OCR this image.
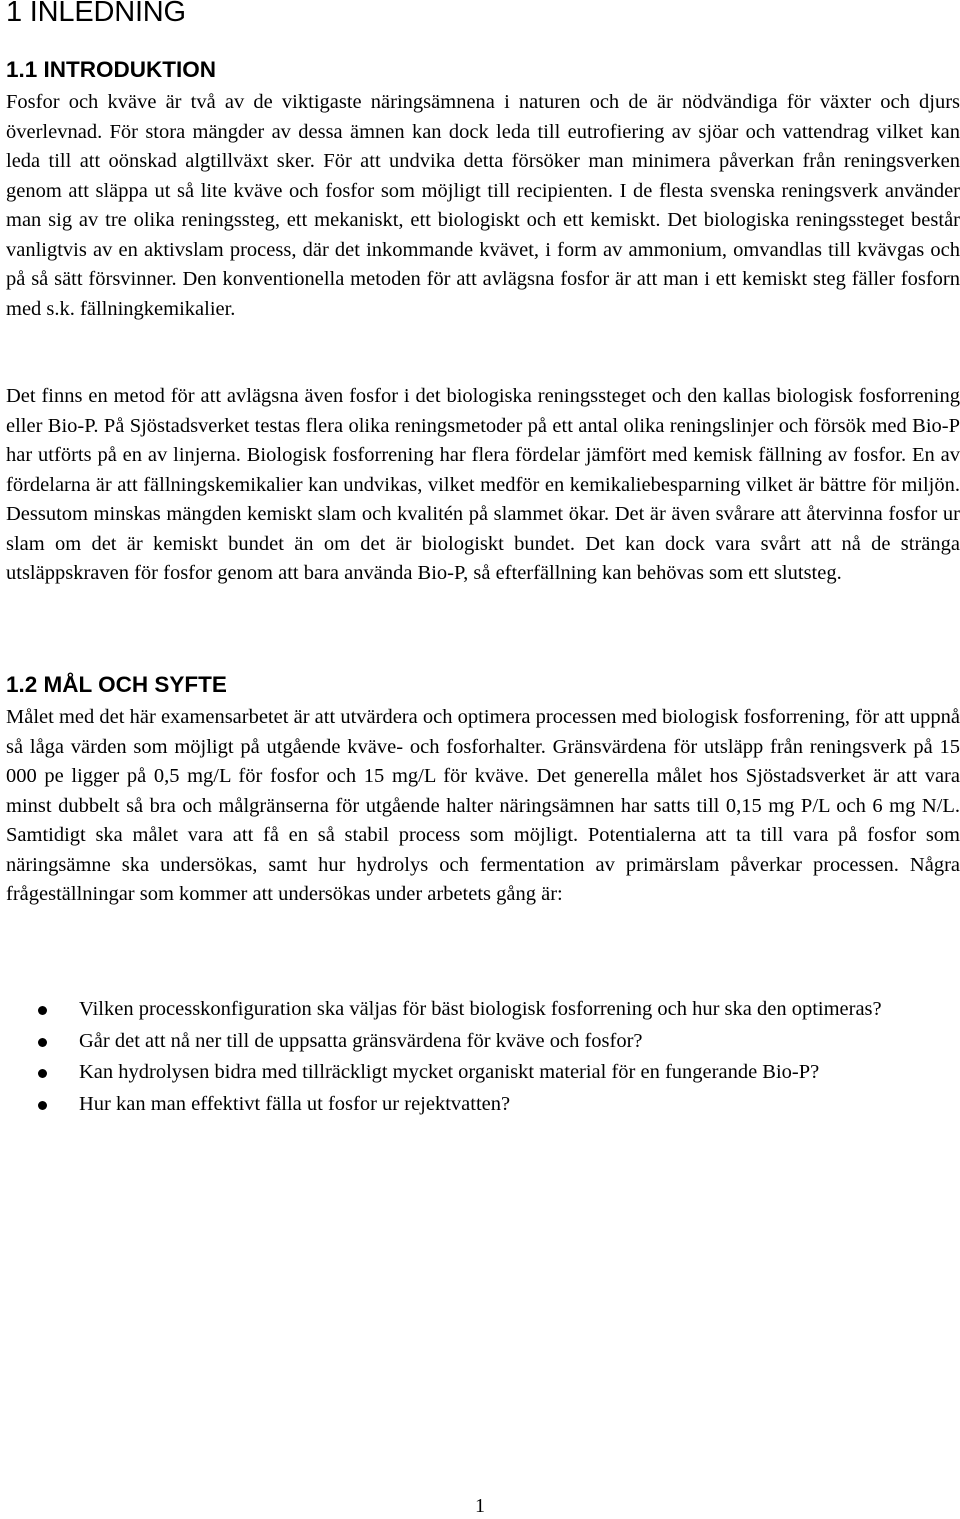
1 INLEDNING
1.1 INTRODUKTION

Fosfor och kväve är två av de viktigaste näringsämnena i naturen och de är nödvändiga för växter och djurs överlevnad. För stora mängder av dessa ämnen kan dock leda till eutrofiering av sjöar och vattendrag vilket kan leda till att oönskad algtillväxt sker. För att undvika detta försöker man minimera påverkan från reningsverken genom att släppa ut så lite kväve och fosfor som möjligt till recipienten. I de flesta svenska reningsverk använder man sig av tre olika reningssteg, ett mekaniskt, ett biologiskt och ett kemiskt. Det biologiska reningssteget består vanligtvis av en aktivslam process, där det inkommande kvävet, i form av ammonium, omvandlas till kvävgas och på så sätt försvinner. Den konventionella metoden för att avlägsna fosfor är att man i ett kemiskt steg fäller fosforn med s.k. fällningkemikalier.

Det finns en metod för att avlägsna även fosfor i det biologiska reningssteget och den kallas biologisk fosforrening eller Bio-P. På Sjöstadsverket testas flera olika reningsmetoder på ett antal olika reningslinjer och försök med Bio-P har utförts på en av linjerna. Biologisk fosforrening har flera fördelar jämfört med kemisk fällning av fosfor. En av fördelarna är att fällningskemikalier kan undvikas, vilket medför en kemikaliebesparning vilket är bättre för miljön. Dessutom minskas mängden kemiskt slam och kvalitén på slammet ökar. Det är även svårare att återvinna fosfor ur slam om det är kemiskt bundet än om det är biologiskt bundet. Det kan dock vara svårt att nå de stränga utsläppskraven för fosfor genom att bara använda Bio-P, så efterfällning kan behövas som ett slutsteg.

1.2 MÅL OCH SYFTE

Målet med det här examensarbetet är att utvärdera och optimera processen med biologisk fosforrening, för att uppnå så låga värden som möjligt på utgående kväve- och fosforhalter. Gränsvärdena för utsläpp från reningsverk på 15 000 pe ligger på 0,5 mg/L för fosfor och 15 mg/L för kväve. Det generella målet hos Sjöstadsverket är att vara minst dubbelt så bra och målgränserna för utgående halter näringsämnen har satts till 0,15 mg P/L och 6 mg N/L. Samtidigt ska målet vara att få en så stabil process som möjligt. Potentialerna att ta till vara på fosfor som näringsämne ska undersökas, samt hur hydrolys och fermentation av primärslam påverkar processen. Några frågeställningar som kommer att undersökas under arbetets gång är:

Vilken processkonfiguration ska väljas för bäst biologisk fosforrening och hur ska den optimeras?
Går det att nå ner till de uppsatta gränsvärdena för kväve och fosfor?
Kan hydrolysen bidra med tillräckligt mycket organiskt material för en fungerande Bio-P?
Hur kan man effektivt fälla ut fosfor ur rejektvatten?
1
